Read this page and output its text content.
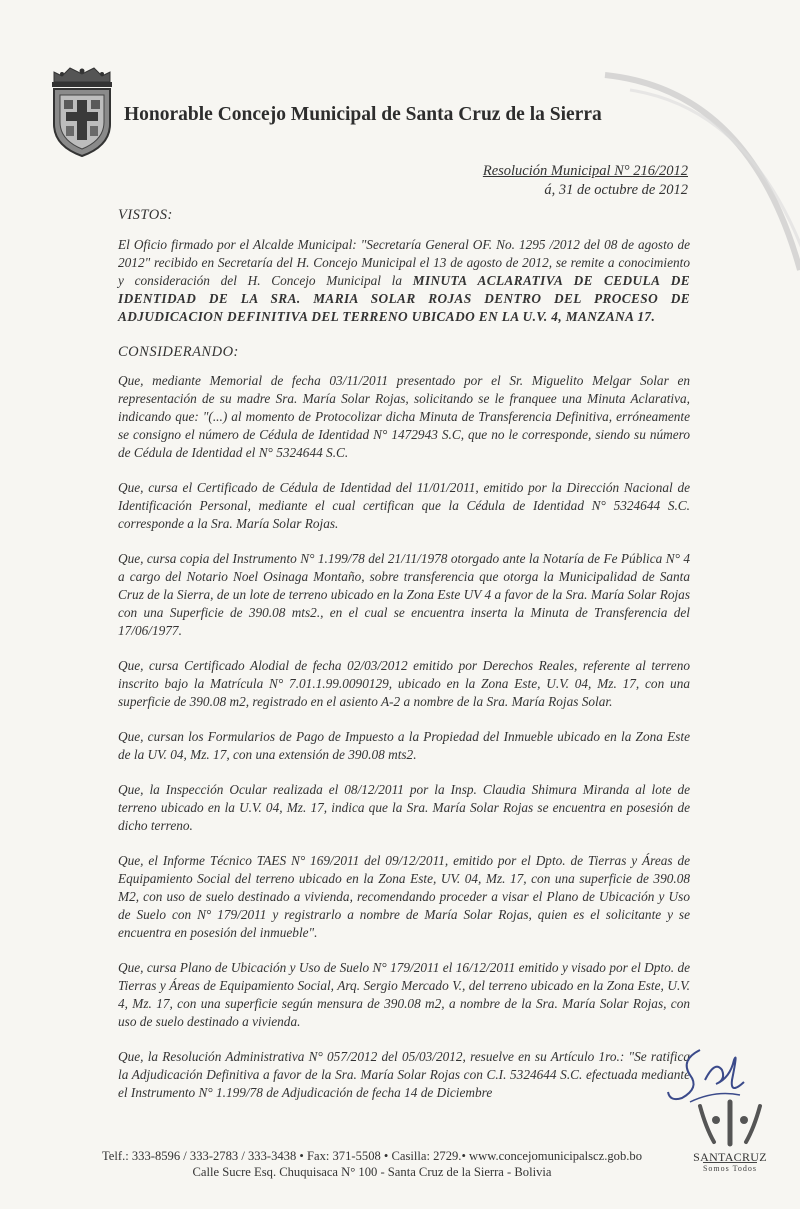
Honorable Concejo Municipal de Santa Cruz de la Sierra
Resolución Municipal N° 216/2012
á, 31 de octubre de 2012
VISTOS:

El Oficio firmado por el Alcalde Municipal: "Secretaría General OF. No. 1295 /2012 del 08 de agosto de 2012" recibido en Secretaría del H. Concejo Municipal el 13 de agosto de 2012, se remite a conocimiento y consideración del H. Concejo Municipal la MINUTA ACLARATIVA DE CEDULA DE IDENTIDAD DE LA SRA. MARIA SOLAR ROJAS DENTRO DEL PROCESO DE ADJUDICACION DEFINITIVA DEL TERRENO UBICADO EN LA U.V. 4, MANZANA 17.

CONSIDERANDO:

Que, mediante Memorial de fecha 03/11/2011 presentado por el Sr. Miguelito Melgar Solar en representación de su madre Sra. María Solar Rojas, solicitando se le franquee una Minuta Aclarativa, indicando que: "(...) al momento de Protocolizar dicha Minuta de Transferencia Definitiva, erróneamente se consigno el número de Cédula de Identidad N° 1472943 S.C, que no le corresponde, siendo su número de Cédula de Identidad el N° 5324644 S.C.

Que, cursa el Certificado de Cédula de Identidad del 11/01/2011, emitido por la Dirección Nacional de Identificación Personal, mediante el cual certifican que la Cédula de Identidad N° 5324644 S.C. corresponde a la Sra. María Solar Rojas.

Que, cursa copia del Instrumento N° 1.199/78 del 21/11/1978 otorgado ante la Notaría de Fe Pública N° 4 a cargo del Notario Noel Osinaga Montaño, sobre transferencia que otorga la Municipalidad de Santa Cruz de la Sierra, de un lote de terreno ubicado en la Zona Este UV 4 a favor de la Sra. María Solar Rojas con una Superficie de 390.08 mts2., en el cual se encuentra inserta la Minuta de Transferencia del 17/06/1977.

Que, cursa Certificado Alodial de fecha 02/03/2012 emitido por Derechos Reales, referente al terreno inscrito bajo la Matrícula N° 7.01.1.99.0090129, ubicado en la Zona Este, U.V. 04, Mz. 17, con una superficie de 390.08 m2, registrado en el asiento A-2 a nombre de la Sra. María Rojas Solar.

Que, cursan los Formularios de Pago de Impuesto a la Propiedad del Inmueble ubicado en la Zona Este de la UV. 04, Mz. 17, con una extensión de 390.08 mts2.

Que, la Inspección Ocular realizada el 08/12/2011 por la Insp. Claudia Shimura Miranda al lote de terreno ubicado en la U.V. 04, Mz. 17, indica que la Sra. María Solar Rojas se encuentra en posesión de dicho terreno.

Que, el Informe Técnico TAES N° 169/2011 del 09/12/2011, emitido por el Dpto. de Tierras y Áreas de Equipamiento Social del terreno ubicado en la Zona Este, UV. 04, Mz. 17, con una superficie de 390.08 M2, con uso de suelo destinado a vivienda, recomendando proceder a visar el Plano de Ubicación y Uso de Suelo con N° 179/2011 y registrarlo a nombre de María Solar Rojas, quien es el solicitante y se encuentra en posesión del inmueble".

Que, cursa Plano de Ubicación y Uso de Suelo N° 179/2011 el 16/12/2011 emitido y visado por el Dpto. de Tierras y Áreas de Equipamiento Social, Arq. Sergio Mercado V., del terreno ubicado en la Zona Este, U.V. 4, Mz. 17, con una superficie según mensura de 390.08 m2, a nombre de la Sra. María Solar Rojas, con uso de suelo destinado a vivienda.

Que, la Resolución Administrativa N° 057/2012 del 05/03/2012, resuelve en su Artículo 1ro.: "Se ratifica la Adjudicación Definitiva a favor de la Sra. María Solar Rojas con C.I. 5324644 S.C. efectuada mediante el Instrumento N° 1.199/78 de Adjudicación de fecha 14 de Diciembre

Telf.: 333-8596 / 333-2783 / 333-3438 • Fax: 371-5508 • Casilla: 2729.• www.concejomunicipalscz.gob.bo
Calle Sucre Esq. Chuquisaca N° 100 - Santa Cruz de la Sierra - Bolivia
SANTACRUZ
Somos Todos
